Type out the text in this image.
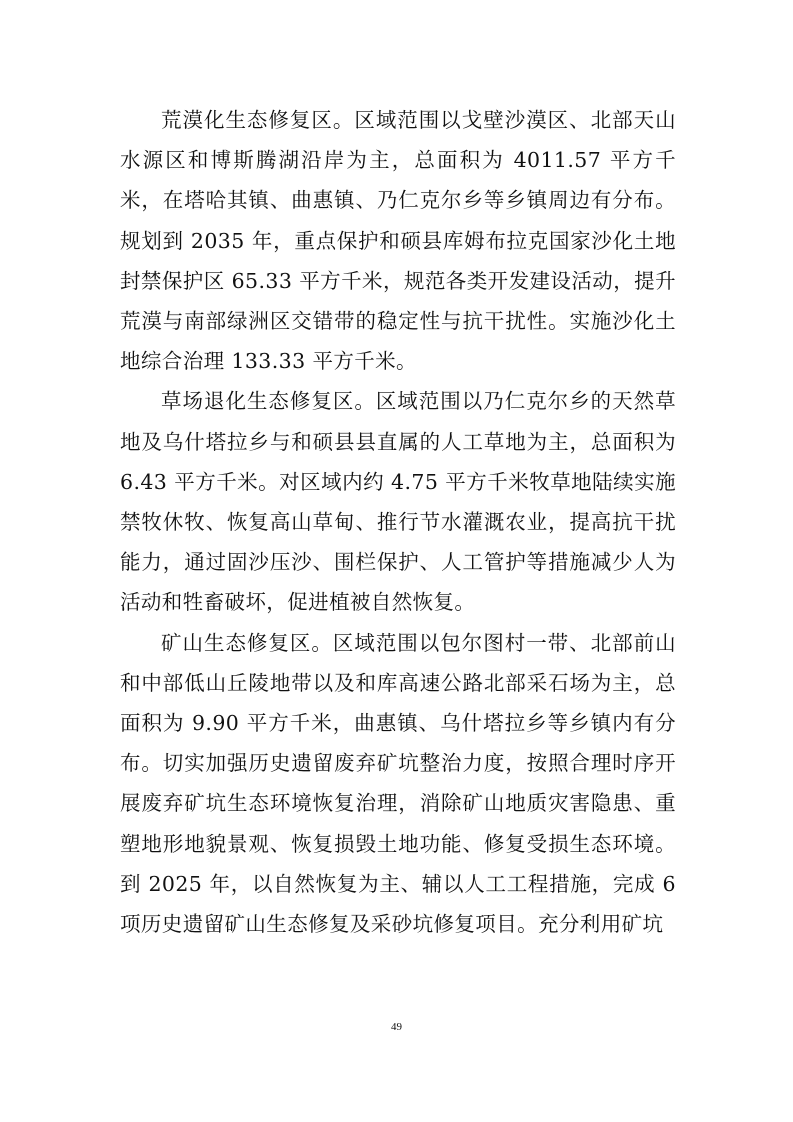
荒漠化生态修复区。区域范围以戈壁沙漠区、北部天山水源区和博斯腾湖沿岸为主，总面积为 4011.57 平方千米，在塔哈其镇、曲惠镇、乃仁克尔乡等乡镇周边有分布。规划到 2035 年，重点保护和硕县库姆布拉克国家沙化土地封禁保护区 65.33 平方千米，规范各类开发建设活动，提升荒漠与南部绿洲区交错带的稳定性与抗干扰性。实施沙化土地综合治理 133.33 平方千米。

草场退化生态修复区。区域范围以乃仁克尔乡的天然草地及乌什塔拉乡与和硕县县直属的人工草地为主，总面积为 6.43 平方千米。对区域内约 4.75 平方千米牧草地陆续实施禁牧休牧、恢复高山草甸、推行节水灌溉农业，提高抗干扰能力，通过固沙压沙、围栏保护、人工管护等措施减少人为活动和牲畜破坏，促进植被自然恢复。

矿山生态修复区。区域范围以包尔图村一带、北部前山和中部低山丘陵地带以及和库高速公路北部采石场为主，总面积为 9.90 平方千米，曲惠镇、乌什塔拉乡等乡镇内有分布。切实加强历史遗留废弃矿坑整治力度，按照合理时序开展废弃矿坑生态环境恢复治理，消除矿山地质灾害隐患、重塑地形地貌景观、恢复损毁土地功能、修复受损生态环境。到 2025 年，以自然恢复为主、辅以人工工程措施，完成 6 项历史遗留矿山生态修复及采砂坑修复项目。充分利用矿坑

49
